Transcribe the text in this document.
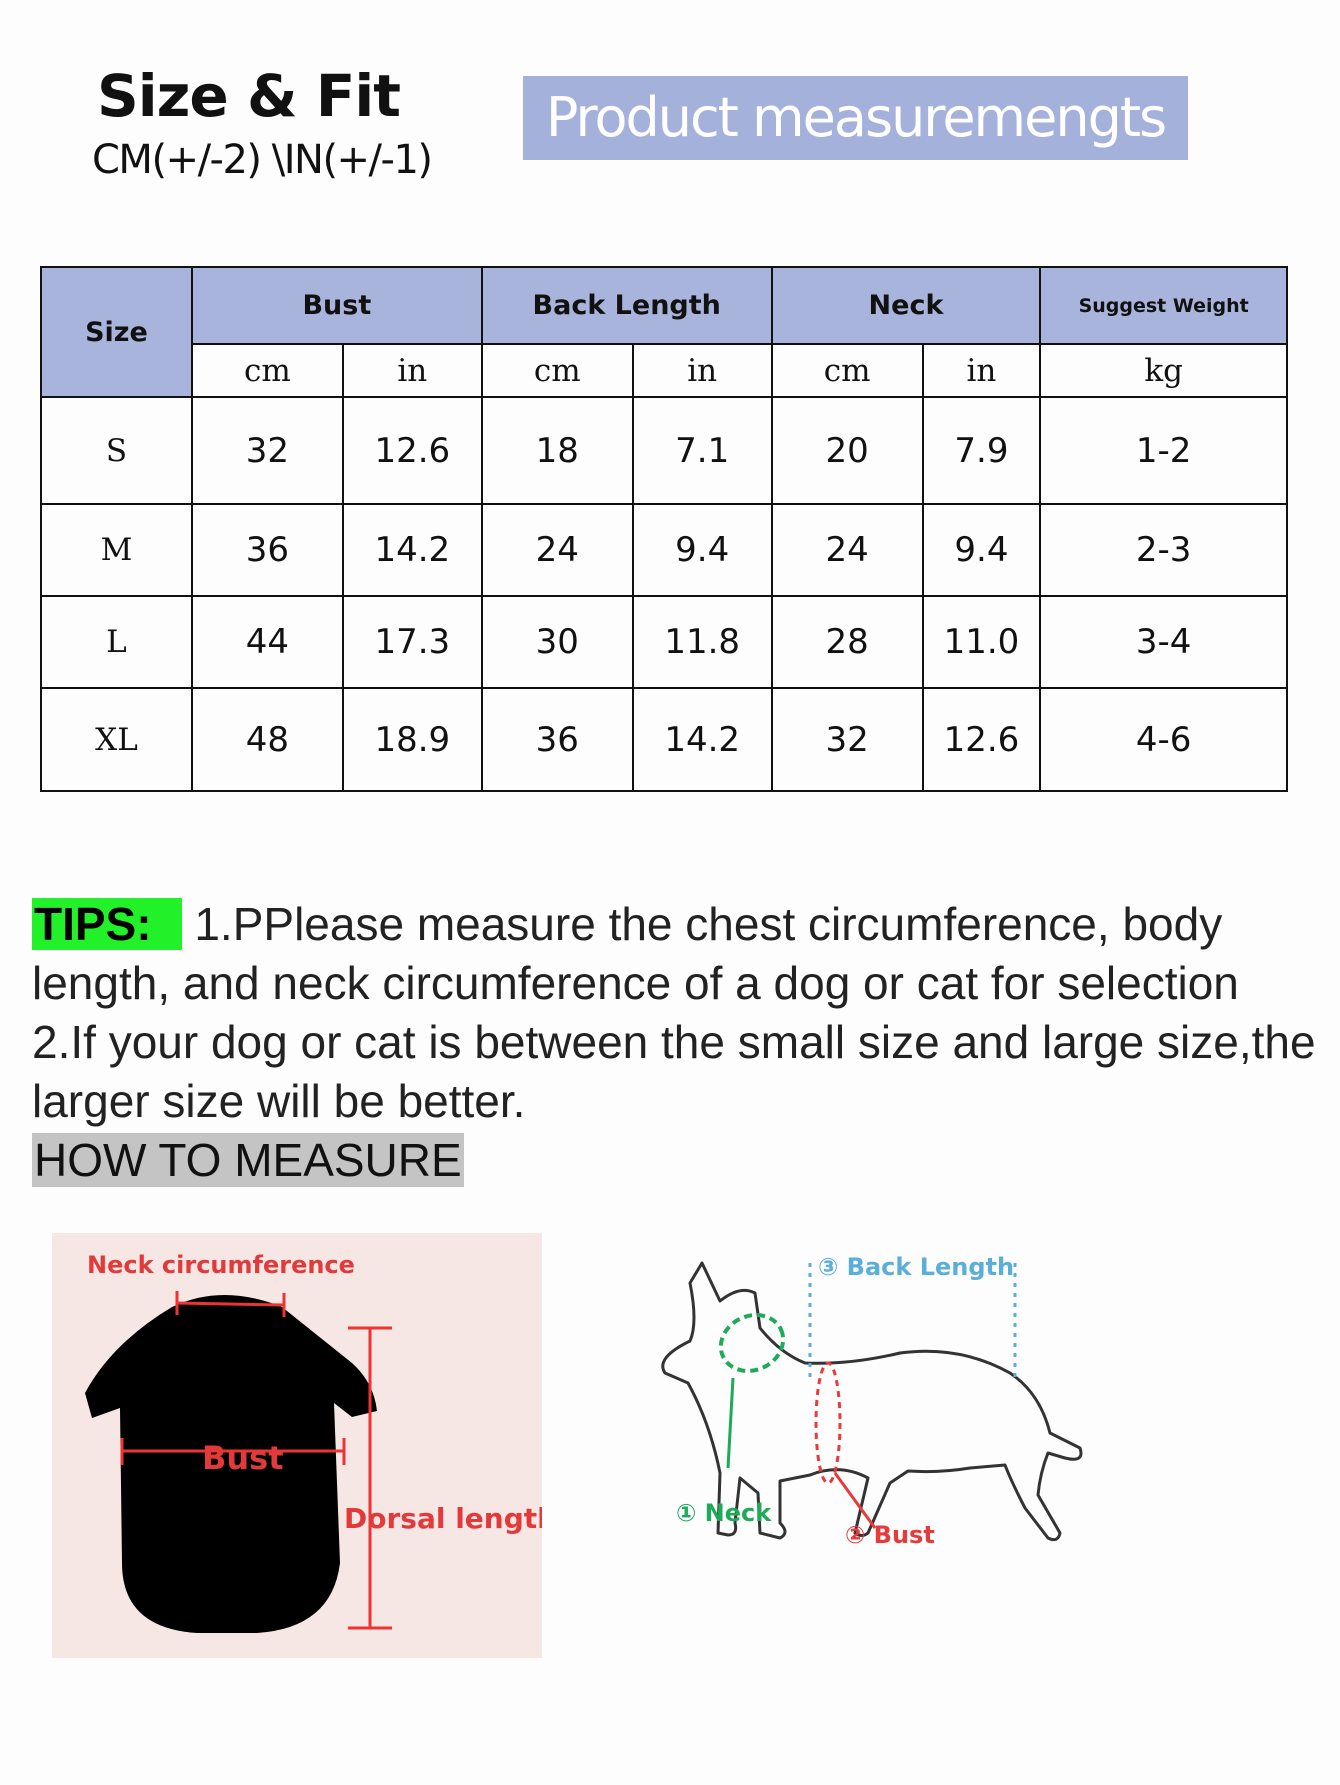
Size & Fit
CM(+/-2) \IN(+/-1)
Product measuremengts
Size	Bust		Back Length		Neck		Suggest Weight
	cm	in	cm	in	cm	in	kg
S	32	12.6	18	7.1	20	7.9	1-2
M	36	14.2	24	9.4	24	9.4	2-3
L	44	17.3	30	11.8	28	11.0	3-4
XL	48	18.9	36	14.2	32	12.6	4-6
TIPS: 1.PPlease measure the chest circumference, body length, and neck circumference of a dog or cat for selection
2.If your dog or cat is between the small size and large size,the larger size will be better.
HOW TO MEASURE
Neck circumference
Bust
Dorsal length
③ Back Length
① Neck
② Bust
